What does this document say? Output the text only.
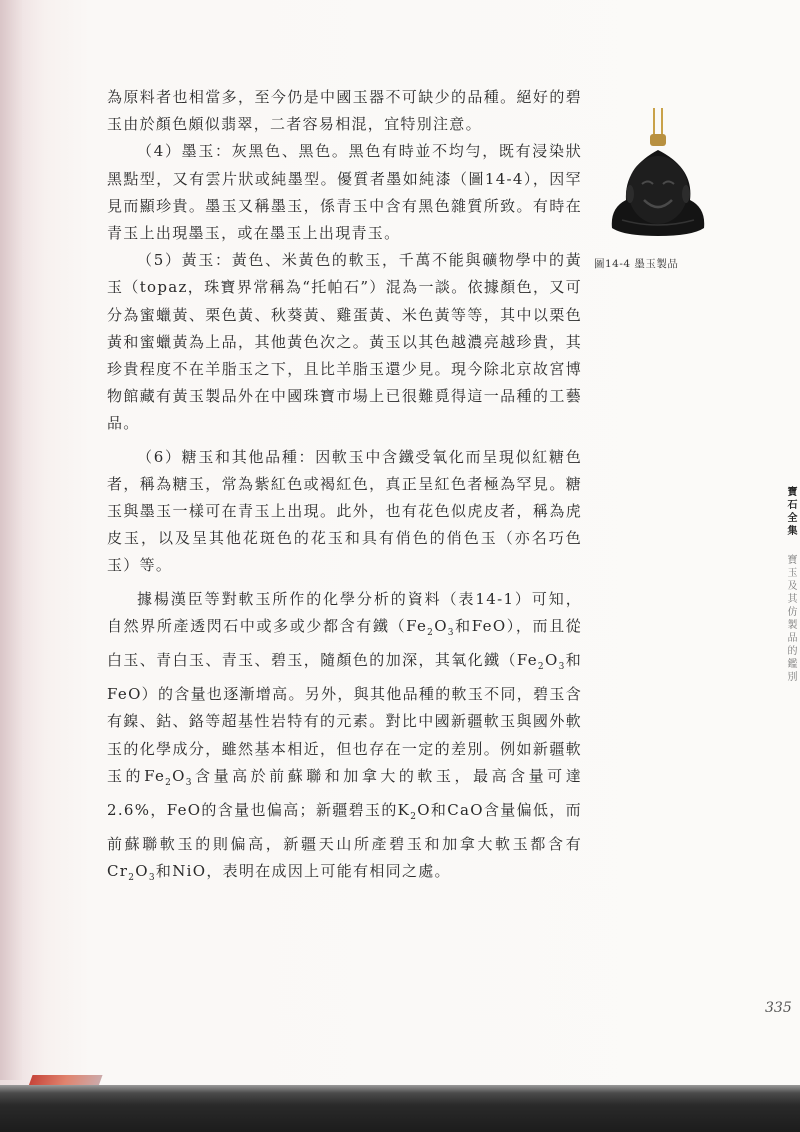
為原料者也相當多，至今仍是中國玉器不可缺少的品種。絕好的碧玉由於顏色頗似翡翠，二者容易相混，宜特別注意。

（4）墨玉：灰黑色、黑色。黑色有時並不均勻，既有浸染狀黑點型，又有雲片狀或純墨型。優質者墨如純漆（圖14-4），因罕見而顯珍貴。墨玉又稱墨玉，係青玉中含有黑色雜質所致。有時在青玉上出現墨玉，或在墨玉上出現青玉。

（5）黃玉：黃色、米黃色的軟玉，千萬不能與礦物學中的黃玉（topaz，珠寶界常稱為“托帕石”）混為一談。依據顏色，又可分為蜜蠟黃、栗色黃、秋葵黃、雞蛋黃、米色黃等等，其中以栗色黃和蜜蠟黃為上品，其他黃色次之。黃玉以其色越濃亮越珍貴，其珍貴程度不在羊脂玉之下，且比羊脂玉還少見。現今除北京故宮博物館藏有黃玉製品外在中國珠寶市場上已很難覓得這一品種的工藝品。

（6）糖玉和其他品種：因軟玉中含鐵受氧化而呈現似紅糖色者，稱為糖玉，常為紫紅色或褐紅色，真正呈紅色者極為罕見。糖玉與墨玉一樣可在青玉上出現。此外，也有花色似虎皮者，稱為虎皮玉，以及呈其他花斑色的花玉和具有俏色的俏色玉（亦名巧色玉）等。

據楊漢臣等對軟玉所作的化學分析的資料（表14-1）可知，自然界所產透閃石中或多或少都含有鐵（$Fe_2O_3$和FeO），而且從白玉、青白玉、青玉、碧玉，隨顏色的加深，其氧化鐵（$Fe_2O_3$和FeO）的含量也逐漸增高。另外，與其他品種的軟玉不同，碧玉含有鎳、鈷、鉻等超基性岩特有的元素。對比中國新疆軟玉與國外軟玉的化學成分，雖然基本相近，但也存在一定的差別。例如新疆軟玉的$Fe_2O_3$含量高於前蘇聯和加拿大的軟玉，最高含量可達2.6%，FeO的含量也偏高；新疆碧玉的$K_2O$和CaO含量偏低，而前蘇聯軟玉的則偏高，新疆天山所產碧玉和加拿大軟玉都含有$Cr_2O_3$和NiO，表明在成因上可能有相同之處。

圖14-4 墨玉製品
寶石全集 寶玉及其仿製品的鑑別
335
